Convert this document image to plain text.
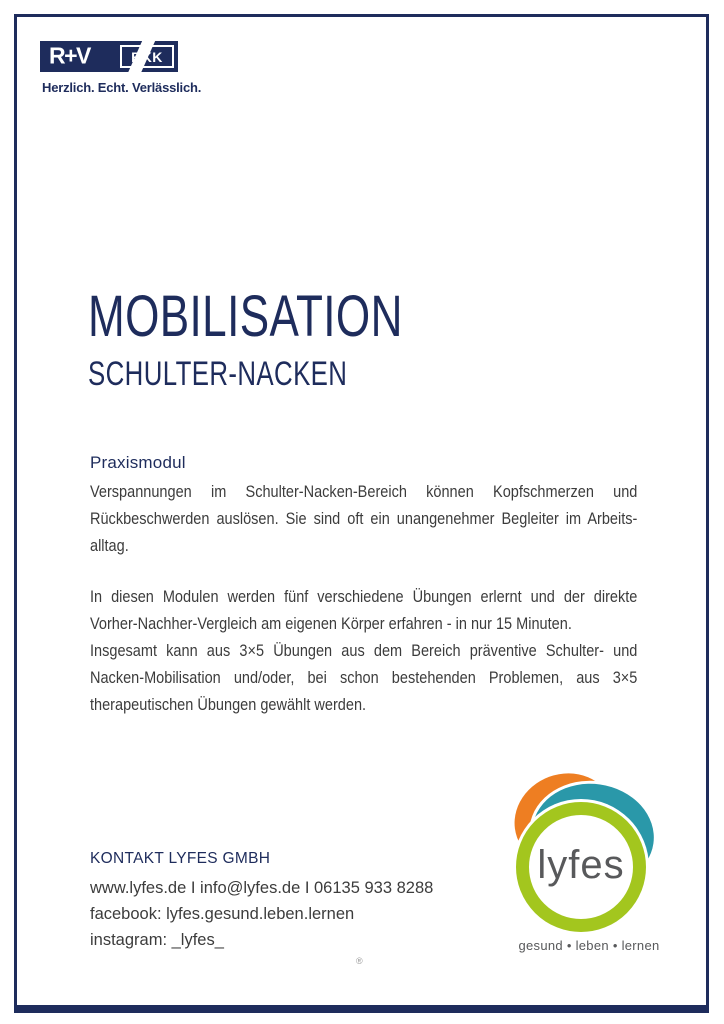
R+V	BKK
Herzlich. Echt. Verlässlich.
MOBILISATION
SCHULTER-NACKEN
Praxismodul
Verspannungen im Schulter-Nacken-Bereich können Kopfschmerzen und Rückbeschwerden auslösen. Sie sind oft ein unangenehmer Begleiter im Arbeits-alltag.
In diesen Modulen werden fünf verschiedene Übungen erlernt und der direkte Vorher-Nachher-Vergleich am eigenen Körper erfahren - in nur 15 Minuten.
Insgesamt kann aus 3×5 Übungen aus dem Bereich präventive Schulter- und Nacken-Mobilisation und/oder, bei schon bestehenden Problemen, aus 3×5 therapeutischen Übungen gewählt werden.
KONTAKT LYFES GMBH
www.lyfes.de I info@lyfes.de I 06135 933 8288
facebook: lyfes.gesund.leben.lernen
instagram: _lyfes_
lyfes
gesund • leben • lernen
®
